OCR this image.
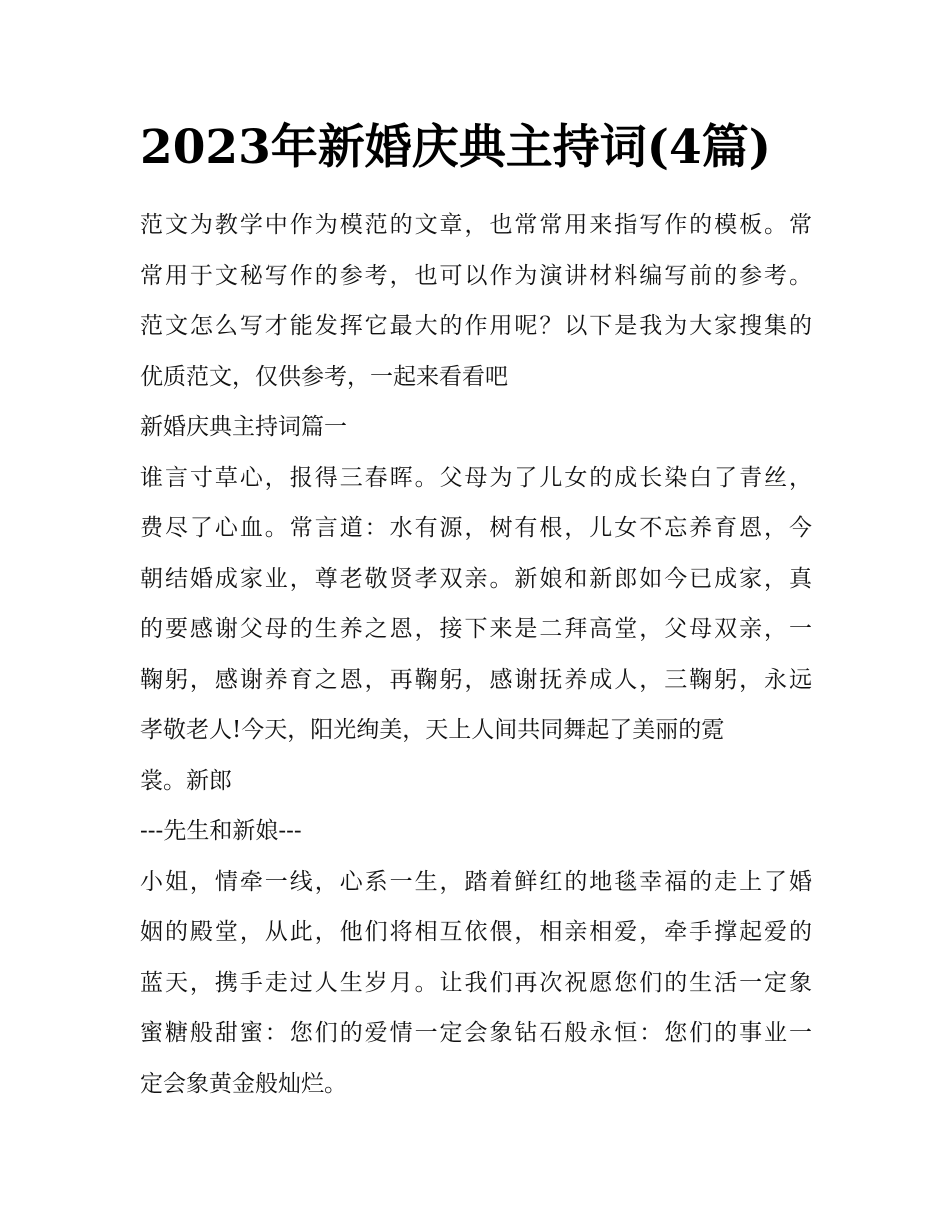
2023年新婚庆典主持词(4篇)
范文为教学中作为模范的文章，也常常用来指写作的模板。常
常用于文秘写作的参考，也可以作为演讲材料编写前的参考。
范文怎么写才能发挥它最大的作用呢？以下是我为大家搜集的
优质范文，仅供参考，一起来看看吧
新婚庆典主持词篇一
谁言寸草心，报得三春晖。父母为了儿女的成长染白了青丝，
费尽了心血。常言道：水有源，树有根，儿女不忘养育恩，今
朝结婚成家业，尊老敬贤孝双亲。新娘和新郎如今已成家，真
的要感谢父母的生养之恩，接下来是二拜高堂，父母双亲，一
鞠躬，感谢养育之恩，再鞠躬，感谢抚养成人，三鞠躬，永远
孝敬老人!今天，阳光绚美，天上人间共同舞起了美丽的霓
裳。新郎
---先生和新娘---
小姐，情牵一线，心系一生，踏着鲜红的地毯幸福的走上了婚
姻的殿堂，从此，他们将相互依偎，相亲相爱，牵手撑起爱的
蓝天，携手走过人生岁月。让我们再次祝愿您们的生活一定象
蜜糖般甜蜜：您们的爱情一定会象钻石般永恒：您们的事业一
定会象黄金般灿烂。
